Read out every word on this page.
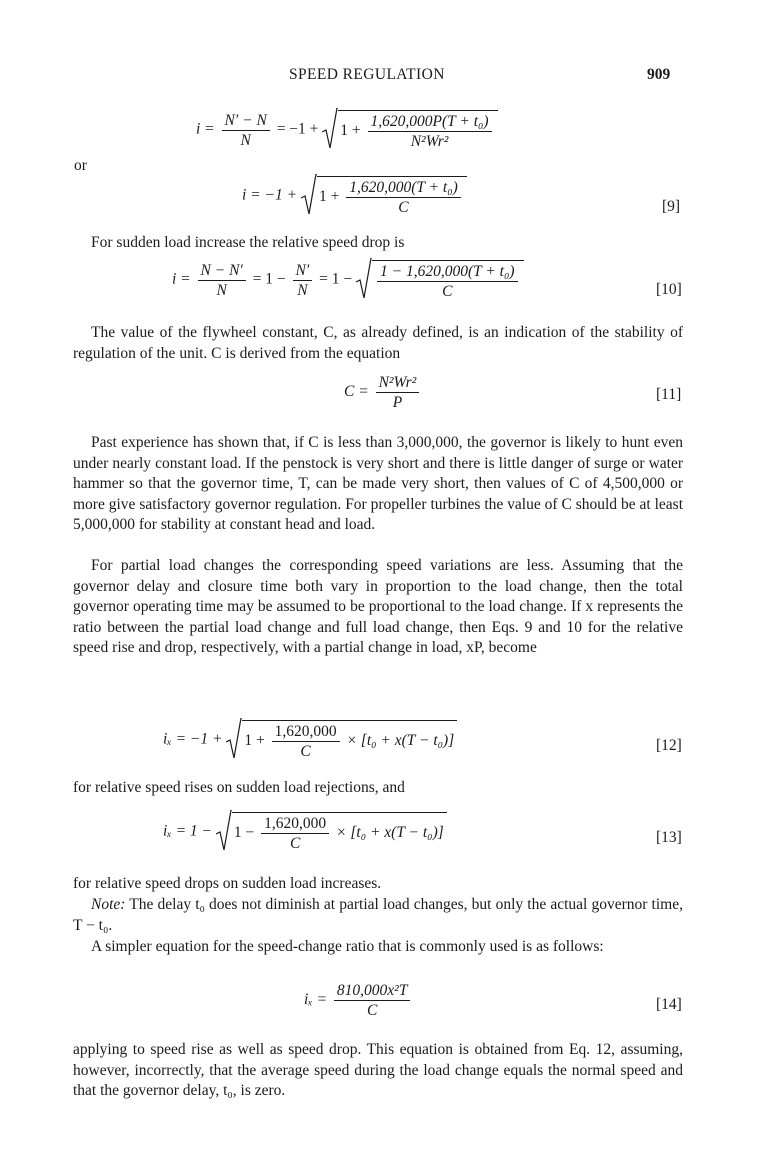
SPEED REGULATION	909
$i = \frac{N' - N}{N} = -1 + 1 + \frac{\text{1,620,000P(T + t₀)}}{\text{N²Wr²}}$
or
$i = -1 + 1 + \frac{\text{1,620,000(T + t₀)}}{C}$	[9]

For sudden load increase the relative speed drop is

$i = \frac{N - N'}{N} = 1 - \frac{N'}{N} = 1 - \frac{\text{1 − 1,620,000(T + t₀)}}{C}$	[10]

The value of the flywheel constant, C, as already defined, is an indication of the stability of regulation of the unit. C is derived from the equation

$C = \frac{\text{N²Wr²}}{P}$	[11]

Past experience has shown that, if C is less than 3,000,000, the governor is likely to hunt even under nearly constant load. If the penstock is very short and there is little danger of surge or water hammer so that the governor time, T, can be made very short, then values of C of 4,500,000 or more give satisfactory governor regulation. For propeller turbines the value of C should be at least 5,000,000 for stability at constant head and load.

For partial load changes the corresponding speed variations are less. Assuming that the governor delay and closure time both vary in proportion to the load change, then the total governor operating time may be assumed to be proportional to the load change. If x represents the ratio between the partial load change and full load change, then Eqs. 9 and 10 for the relative speed rise and drop, respectively, with a partial change in load, xP, become

$i_x = -1 + 1 + \frac{1,620,000}{C} \times [t_0 + x(T - t_0)]$	[12]

for relative speed rises on sudden load rejections, and

$i_x = 1 - 1 - \frac{1,620,000}{C} \times [t_0 + x(T - t_0)]$	[13]

for relative speed drops on sudden load increases.

Note: The delay t₀ does not diminish at partial load changes, but only the actual governor time, T − t₀.

A simpler equation for the speed-change ratio that is commonly used is as follows:

$i_x = \frac{\text{810,000x²T}}{C}$	[14]

applying to speed rise as well as speed drop. This equation is obtained from Eq. 12, assuming, however, incorrectly, that the average speed during the load change equals the normal speed and that the governor delay, t₀, is zero.
